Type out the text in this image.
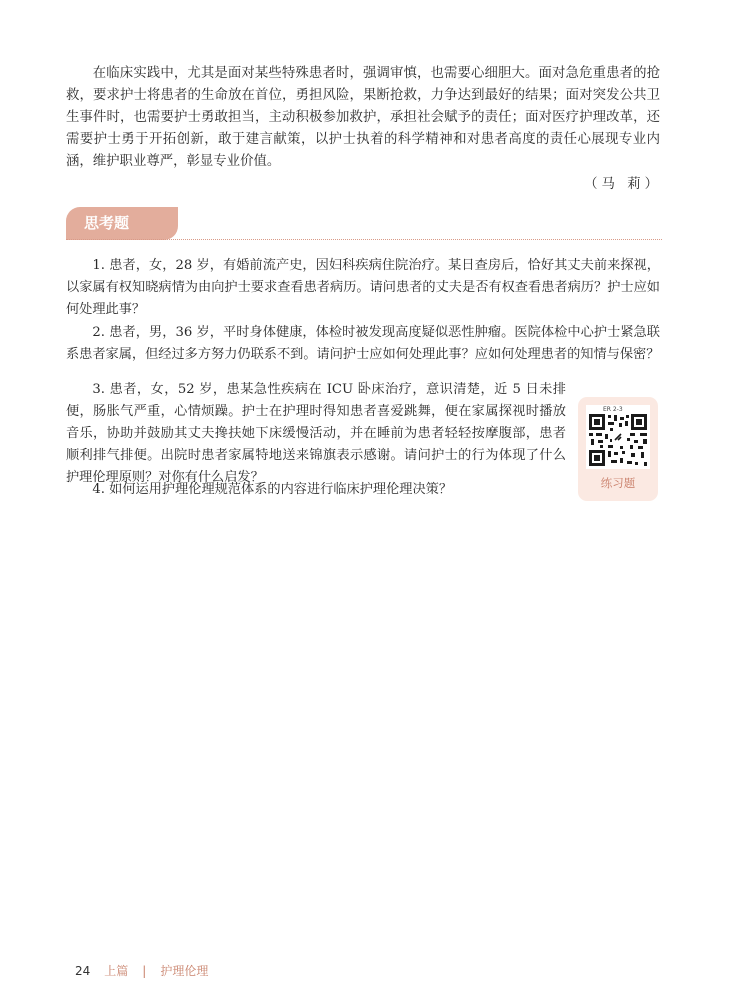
在临床实践中，尤其是面对某些特殊患者时，强调审慎，也需要心细胆大。面对急危重患者的抢救，要求护士将患者的生命放在首位，勇担风险，果断抢救，力争达到最好的结果；面对突发公共卫生事件时，也需要护士勇敢担当，主动积极参加救护，承担社会赋予的责任；面对医疗护理改革，还需要护士勇于开拓创新，敢于建言献策，以护士执着的科学精神和对患者高度的责任心展现专业内涵，维护职业尊严，彰显专业价值。

（马 莉）
思考题

1. 患者，女，28 岁，有婚前流产史，因妇科疾病住院治疗。某日查房后，恰好其丈夫前来探视，以家属有权知晓病情为由向护士要求查看患者病历。请问患者的丈夫是否有权查看患者病历？护士应如何处理此事？

2. 患者，男，36 岁，平时身体健康，体检时被发现高度疑似恶性肿瘤。医院体检中心护士紧急联系患者家属，但经过多方努力仍联系不到。请问护士应如何处理此事？应如何处理患者的知情与保密？

3. 患者，女，52 岁，患某急性疾病在 ICU 卧床治疗，意识清楚，近 5 日未排便，肠胀气严重，心情烦躁。护士在护理时得知患者喜爱跳舞，便在家属探视时播放音乐，协助并鼓励其丈夫搀扶她下床缓慢活动，并在睡前为患者轻轻按摩腹部，患者顺利排气排便。出院时患者家属特地送来锦旗表示感谢。请问护士的行为体现了什么护理伦理原则？对你有什么启发？

4. 如何运用护理伦理规范体系的内容进行临床护理伦理决策？

ER 2-3
练习题
24 上篇 | 护理伦理
